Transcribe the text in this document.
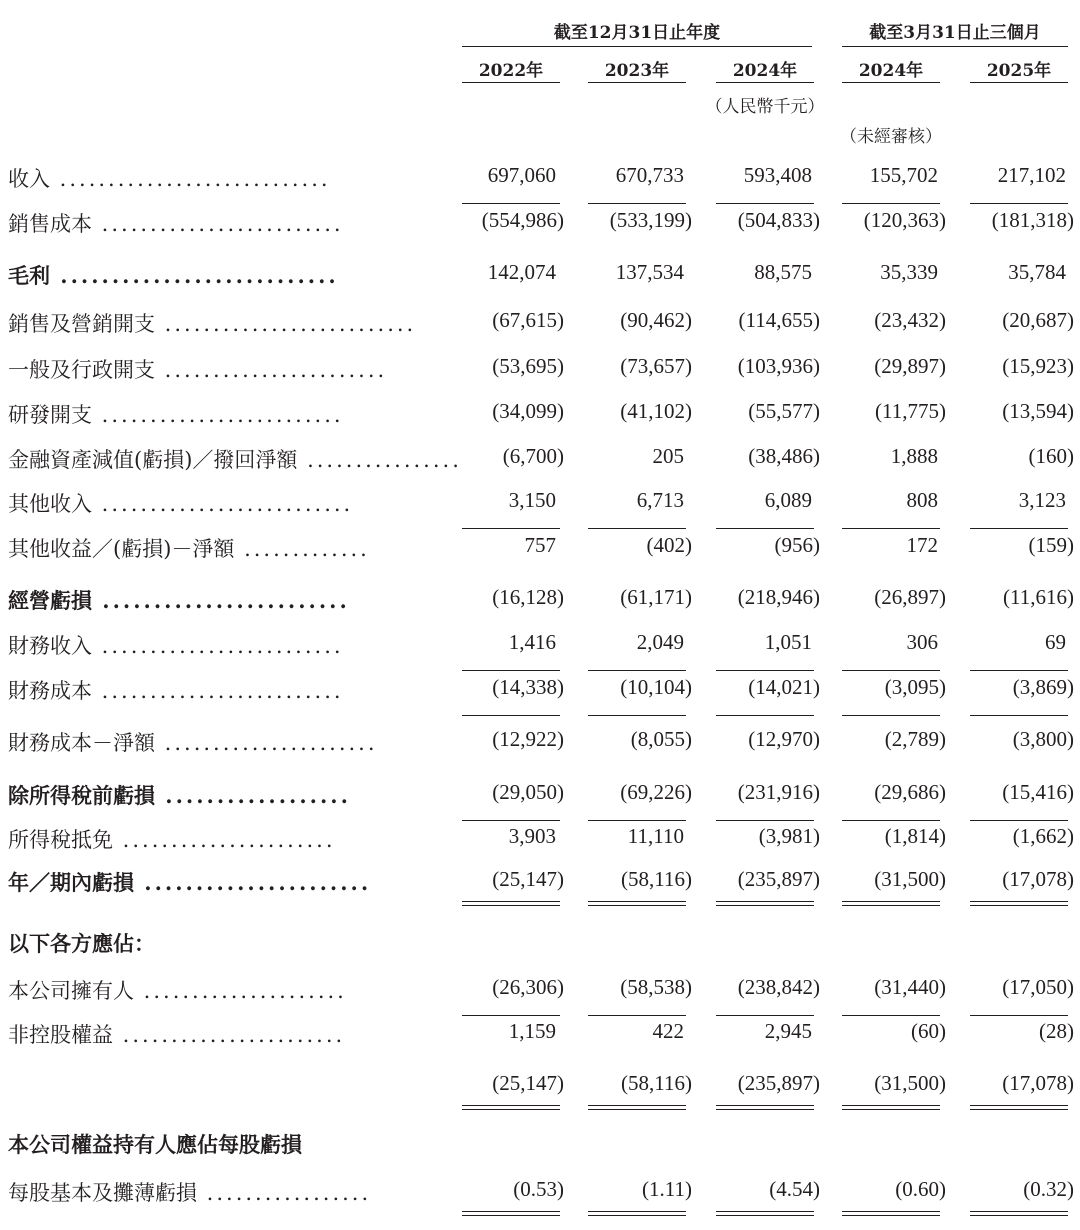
截至12月31日止年度	截至3月31日止三個月
2022年	2023年	2024年	2024年	2025年
（人民幣千元）
（未經審核）
收入 ............................	697,060	670,733	593,408	155,702	217,102
銷售成本 .........................	(554,986)	(533,199)	(504,833)	(120,363)	(181,318)
毛利 ...........................	142,074	137,534	88,575	35,339	35,784
銷售及營銷開支 ..........................	(67,615)	(90,462)	(114,655)	(23,432)	(20,687)
一般及行政開支 .......................	(53,695)	(73,657)	(103,936)	(29,897)	(15,923)
研發開支 .........................	(34,099)	(41,102)	(55,577)	(11,775)	(13,594)
金融資產減值(虧損)／撥回淨額 ................	(6,700)	205	(38,486)	1,888	(160)
其他收入 ..........................	3,150	6,713	6,089	808	3,123
其他收益／(虧損)－淨額 .............	757	(402)	(956)	172	(159)
經營虧損 ........................	(16,128)	(61,171)	(218,946)	(26,897)	(11,616)
財務收入 .........................	1,416	2,049	1,051	306	69
財務成本 .........................	(14,338)	(10,104)	(14,021)	(3,095)	(3,869)
財務成本－淨額 ......................	(12,922)	(8,055)	(12,970)	(2,789)	(3,800)
除所得稅前虧損 ..................	(29,050)	(69,226)	(231,916)	(29,686)	(15,416)
所得稅抵免 ......................	3,903	11,110	(3,981)	(1,814)	(1,662)
年／期內虧損 ......................	(25,147)	(58,116)	(235,897)	(31,500)	(17,078)
以下各方應佔：
本公司擁有人 .....................	(26,306)	(58,538)	(238,842)	(31,440)	(17,050)
非控股權益 .......................	1,159	422	2,945	(60)	(28)
(25,147)	(58,116)	(235,897)	(31,500)	(17,078)
本公司權益持有人應佔每股虧損
每股基本及攤薄虧損 .................	(0.53)	(1.11)	(4.54)	(0.60)	(0.32)
